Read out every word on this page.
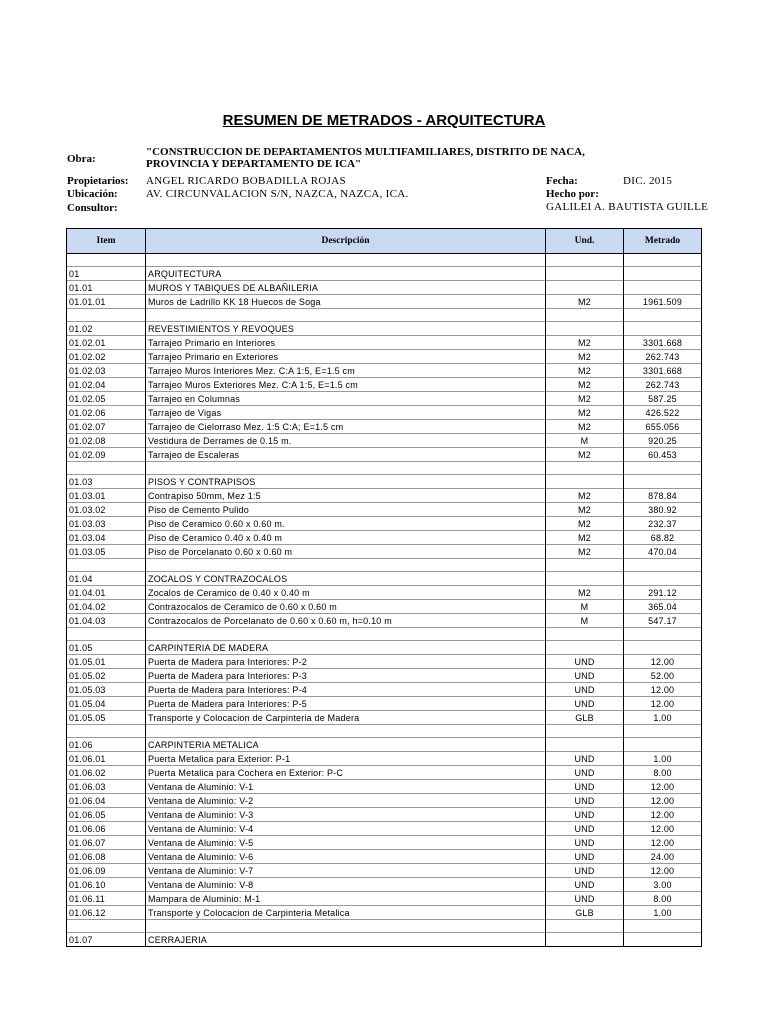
RESUMEN DE METRADOS - ARQUITECTURA
Obra:
"CONSTRUCCION DE DEPARTAMENTOS MULTIFAMILIARES, DISTRITO DE NACA, PROVINCIA Y DEPARTAMENTO DE ICA"
Propietarios: ANGEL RICARDO BOBADILLA ROJAS
Ubicación:	AV. CIRCUNVALACION S/N, NAZCA, NAZCA, ICA.
Consultor:
Fecha:	DIC. 2015
Hecho por:
GALILEI A. BAUTISTA GUILLE
Item	Descripción	Und.	Metrado

01	ARQUITECTURA		
01.01	MUROS Y TABIQUES DE ALBAÑILERIA		
01.01.01	Muros de Ladrillo KK 18 Huecos de Soga	M2	1961.509

01.02	REVESTIMIENTOS Y REVOQUES		
01.02.01	Tarrajeo Primario en Interiores	M2	3301.668
01.02.02	Tarrajeo Primario en Exteriores	M2	262.743
01.02.03	Tarrajeo Muros Interiores Mez. C:A 1:5, E=1.5 cm	M2	3301.668
01.02.04	Tarrajeo Muros Exteriores Mez. C:A 1:5, E=1.5 cm	M2	262.743
01.02.05	Tarrajeo en Columnas	M2	587.25
01.02.06	Tarrajeo de Vigas	M2	426.522
01.02.07	Tarrajeo de Cielorraso Mez. 1:5 C:A; E=1.5 cm	M2	655.056
01.02.08	Vestidura de Derrames de 0.15 m.	M	920.25
01.02.09	Tarrajeo de Escaleras	M2	60.453

01.03	PISOS Y CONTRAPISOS		
01.03.01	Contrapiso 50mm, Mez 1:5	M2	878.84
01.03.02	Piso de Cemento Pulido	M2	380.92
01.03.03	Piso de Ceramico 0.60 x 0.60 m.	M2	232.37
01.03.04	Piso de Ceramico 0.40 x 0.40 m	M2	68.82
01.03.05	Piso de Porcelanato 0.60 x 0.60 m	M2	470.04

01.04	ZOCALOS Y CONTRAZOCALOS		
01.04.01	Zocalos de Ceramico de 0.40 x 0.40 m	M2	291.12
01.04.02	Contrazocalos de Ceramico de 0.60 x 0.60 m	M	365.04
01.04.03	Contrazocalos de Porcelanato de 0.60 x 0.60 m, h=0.10 m	M	547.17

01.05	CARPINTERIA DE MADERA		
01.05.01	Puerta de Madera para Interiores: P-2	UND	12.00
01.05.02	Puerta de Madera para Interiores: P-3	UND	52.00
01.05.03	Puerta de Madera para Interiores: P-4	UND	12.00
01.05.04	Puerta de Madera para Interiores: P-5	UND	12.00
01.05.05	Transporte y Colocacion de Carpinteria de Madera	GLB	1.00

01.06	CARPINTERIA METALICA		
01.06.01	Puerta Metalica para Exterior: P-1	UND	1.00
01.06.02	Puerta Metalica para Cochera en Exterior: P-C	UND	8.00
01.06.03	Ventana de Aluminio: V-1	UND	12.00
01.06.04	Ventana de Aluminio: V-2	UND	12.00
01.06.05	Ventana de Aluminio: V-3	UND	12.00
01.06.06	Ventana de Aluminio: V-4	UND	12.00
01.06.07	Ventana de Aluminio: V-5	UND	12.00
01.06.08	Ventana de Aluminio: V-6	UND	24.00
01.06.09	Ventana de Aluminio: V-7	UND	12.00
01.06.10	Ventana de Aluminio: V-8	UND	3.00
01.06.11	Mampara de Aluminio: M-1	UND	8.00
01.06.12	Transporte y Colocacion de Carpinteria Metalica	GLB	1.00

01.07	CERRAJERIA		
